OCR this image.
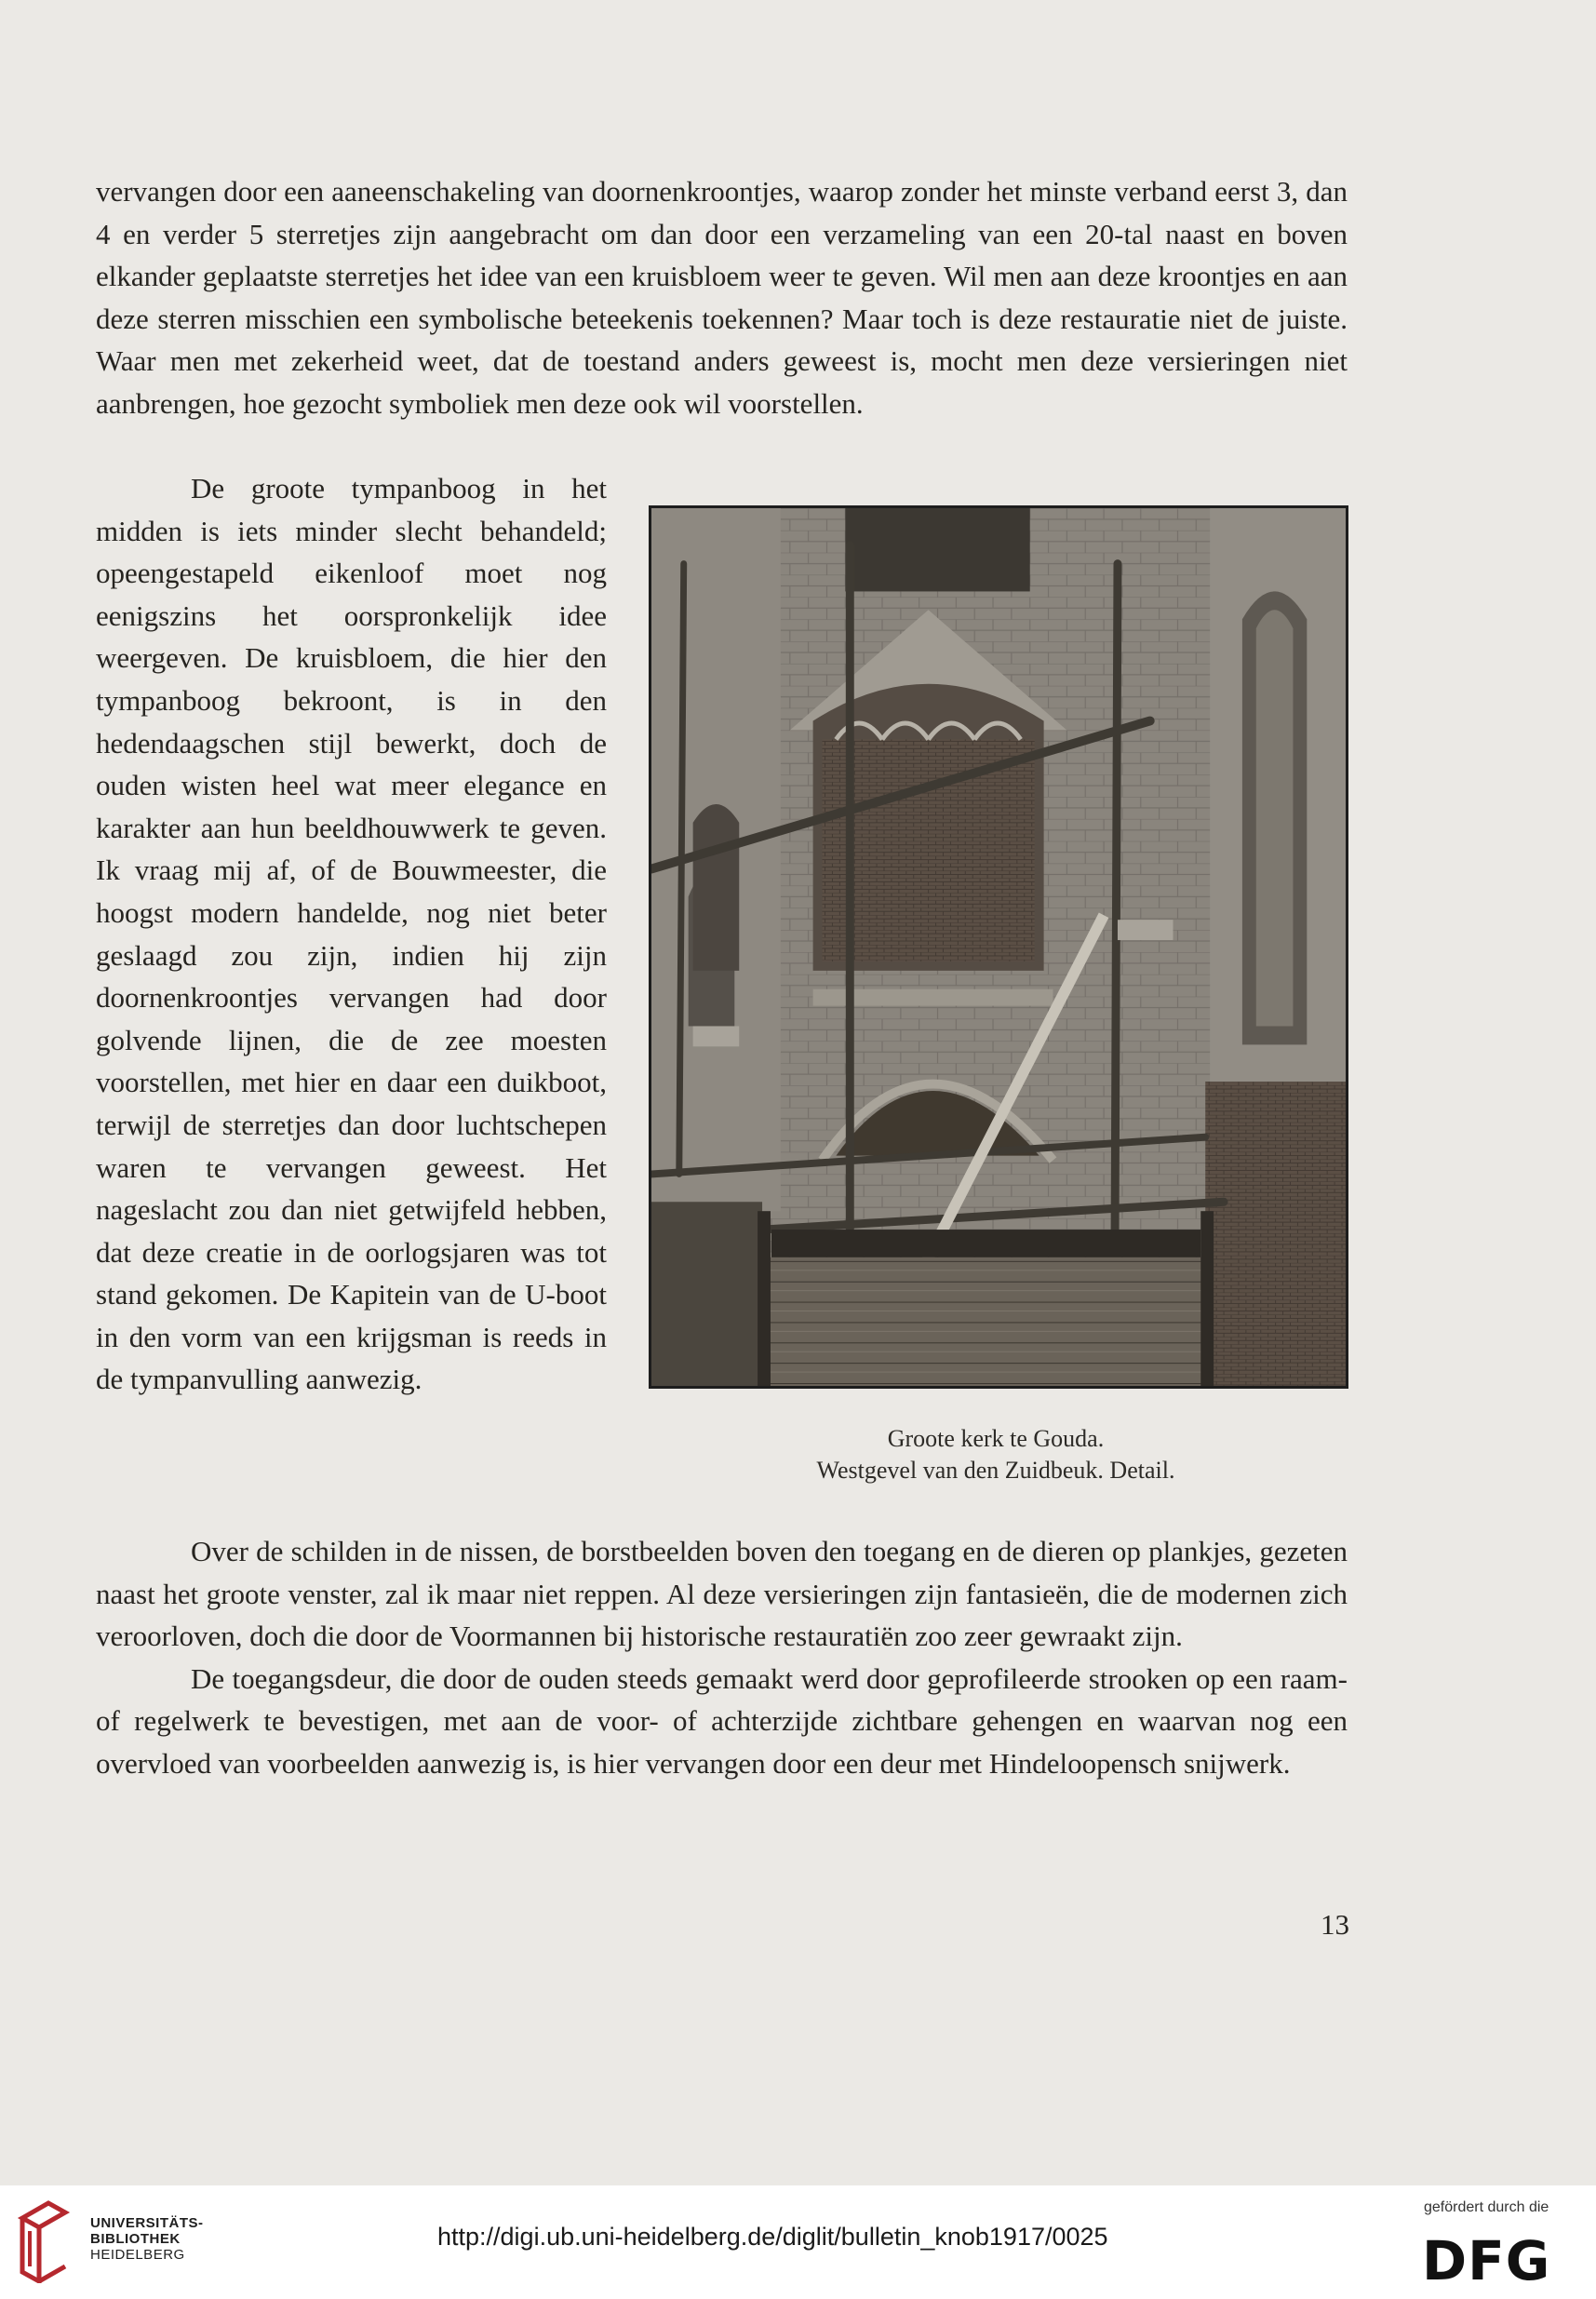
vervangen door een aaneenschakeling van doornenkroontjes, waarop zonder het minste verband eerst 3, dan 4 en verder 5 sterretjes zijn aangebracht om dan door een verzameling van een 20-tal naast en boven elkander geplaatste sterretjes het idee van een kruisbloem weer te geven. Wil men aan deze kroontjes en aan deze sterren misschien een symbolische beteekenis toekennen? Maar toch is deze restauratie niet de juiste. Waar men met zekerheid weet, dat de toestand anders geweest is, mocht men deze versieringen niet aanbrengen, hoe gezocht symboliek men deze ook wil voorstellen.

De groote tympanboog in het midden is iets minder slecht behandeld; opeengestapeld eikenloof moet nog eenigszins het oorspronkelijk idee weergeven. De kruisbloem, die hier den tympanboog bekroont, is in den hedendaagschen stijl bewerkt, doch de ouden wisten heel wat meer elegance en karakter aan hun beeldhouwwerk te geven. Ik vraag mij af, of de Bouwmeester, die hoogst modern handelde, nog niet beter geslaagd zou zijn, indien hij zijn doornenkroontjes vervangen had door golvende lijnen, die de zee moesten voorstellen, met hier en daar een duikboot, terwijl de sterretjes dan door luchtschepen waren te vervangen geweest. Het nageslacht zou dan niet getwijfeld hebben, dat deze creatie in de oorlogsjaren was tot stand gekomen. De Kapitein van de U-boot in den vorm van een krijgsman is reeds in de tympanvulling aanwezig.

Groote kerk te Gouda.
Westgevel van den Zuidbeuk. Detail.

Over de schilden in de nissen, de borstbeelden boven den toegang en de dieren op plankjes, gezeten naast het groote venster, zal ik maar niet reppen. Al deze versieringen zijn fantasieën, die de modernen zich veroorloven, doch die door de Voormannen bij historische restauratiën zoo zeer gewraakt zijn.

De toegangsdeur, die door de ouden steeds gemaakt werd door geprofileerde strooken op een raam- of regelwerk te bevestigen, met aan de voor- of achterzijde zichtbare gehengen en waarvan nog een overvloed van voorbeelden aanwezig is, is hier vervangen door een deur met Hindeloopensch snijwerk.

13
UNIVERSITÄTS-
BIBLIOTHEK
HEIDELBERG
http://digi.ub.uni-heidelberg.de/diglit/bulletin_knob1917/0025
gefördert durch die
DFG
